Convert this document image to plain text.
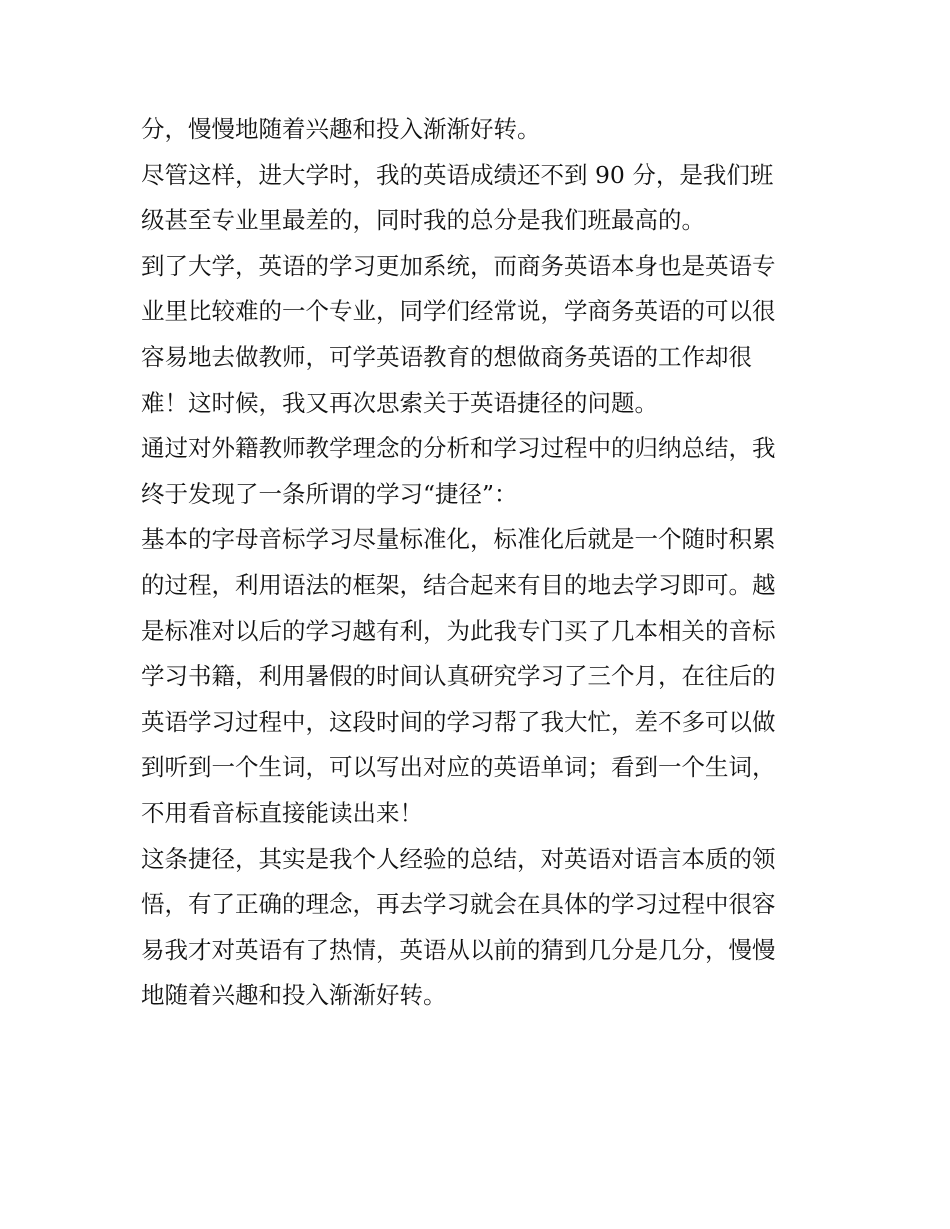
分，慢慢地随着兴趣和投入渐渐好转。
尽管这样，进大学时，我的英语成绩还不到 90 分，是我们班
级甚至专业里最差的，同时我的总分是我们班最高的。
到了大学，英语的学习更加系统，而商务英语本身也是英语专
业里比较难的一个专业，同学们经常说，学商务英语的可以很
容易地去做教师，可学英语教育的想做商务英语的工作却很
难！这时候，我又再次思索关于英语捷径的问题。
通过对外籍教师教学理念的分析和学习过程中的归纳总结，我
终于发现了一条所谓的学习“捷径”：
基本的字母音标学习尽量标准化，标准化后就是一个随时积累
的过程，利用语法的框架，结合起来有目的地去学习即可。越
是标准对以后的学习越有利，为此我专门买了几本相关的音标
学习书籍，利用暑假的时间认真研究学习了三个月，在往后的
英语学习过程中，这段时间的学习帮了我大忙，差不多可以做
到听到一个生词，可以写出对应的英语单词；看到一个生词，
不用看音标直接能读出来！
这条捷径，其实是我个人经验的总结，对英语对语言本质的领
悟，有了正确的理念，再去学习就会在具体的学习过程中很容
易我才对英语有了热情，英语从以前的猜到几分是几分，慢慢
地随着兴趣和投入渐渐好转。
